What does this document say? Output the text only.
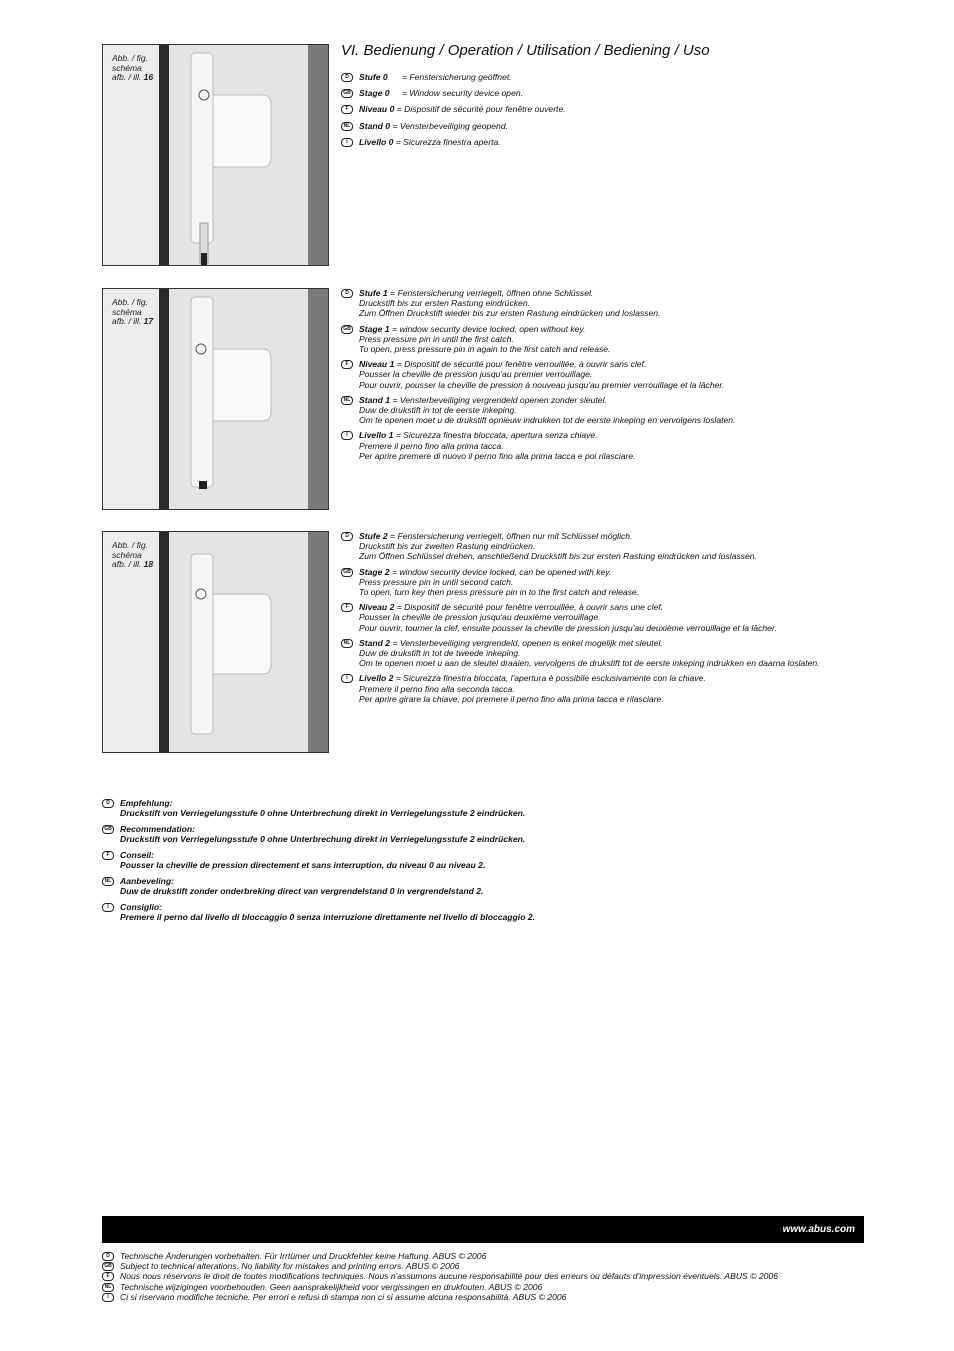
VI. Bedienung / Operation / Utilisation / Bediening / Uso
Abb. / fig.
schéma
afb. / ill. 16
Abb. / fig.
schéma
afb. / ill. 17
Abb. / fig.
schéma
afb. / ill. 18
D	Stufe 0 = Fenstersicherung geöffnet.
GB Stage 0 = Window security device open.
F	Niveau 0 = Dispositif de sécurité pour fenêtre ouverte.
NL	Stand 0 = Vensterbeveiliging geopend.
I	Livello 0 = Sicurezza finestra aperta.
D	Stufe 1 = Fenstersicherung verriegelt, öffnen ohne Schlüssel.
Druckstift bis zur ersten Rastung eindrücken.
Zum Öffnen Druckstift wieder bis zur ersten Rastung eindrücken und loslassen.
GB Stage 1 = window security device locked, open without key.
Press pressure pin in until the first catch.
To open, press pressure pin in again to the first catch and release.
F	Niveau 1 = Dispositif de sécurité pour fenêtre verrouillée, à ouvrir sans clef.
Pousser la cheville de pression jusqu'au premier verrouillage.
Pour ouvrir, pousser la cheville de pression à nouveau jusqu'au premier verrouillage et la lâcher.
NL	Stand 1 = Vensterbeveiliging vergrendeld openen zonder sleutel.
Duw de drukstift in tot de eerste inkeping.
Om te openen moet u de drukstift opnieuw indrukken tot de eerste inkeping en vervolgens loslaten.
I	Livello 1 = Sicurezza finestra bloccata, apertura senza chiave.
Premere il perno fino alla prima tacca.
Per aprire premere di nuovo il perno fino alla prima tacca e poi rilasciare.
D	Stufe 2 = Fenstersicherung verriegelt, öffnen nur mit Schlüssel möglich.
Druckstift bis zur zweiten Rastung eindrücken.
Zum Öffnen Schlüssel drehen, anschließend Druckstift bis zur ersten Rastung eindrücken und loslassen.
GB Stage 2 = window security device locked, can be opened with key.
Press pressure pin in until second catch.
To open, turn key then press pressure pin in to the first catch and release.
F	Niveau 2 = Dispositif de sécurité pour fenêtre verrouillée, à ouvrir sans une clef.
Pousser la cheville de pression jusqu'au deuxième verrouillage.
Pour ouvrir, tourner la clef, ensuite pousser la cheville de pression jusqu'au deuxième verrouillage et la lâcher.
NL	Stand 2 = Vensterbeveiliging vergrendeld, openen is enkel mogelijk met sleutel.
Duw de drukstift in tot de tweede inkeping.
Om te openen moet u aan de sleutel draaien, vervolgens de drukstift tot de eerste inkeping indrukken en daarna loslaten.
I	Livello 2 = Sicurezza finestra bloccata, l'apertura è possibile esclusivamente con la chiave.
Premere il perno fino alla seconda tacca.
Per aprire girare la chiave, poi premere il perno fino alla prima tacca e rilasciare.
D	Empfehlung:
Druckstift von Verriegelungsstufe 0 ohne Unterbrechung direkt in Verriegelungsstufe 2 eindrücken.
GB Recommendation:
Druckstift von Verriegelungsstufe 0 ohne Unterbrechung direkt in Verriegelungsstufe 2 eindrücken.
F	Conseil:
Pousser la cheville de pression directement et sans interruption, du niveau 0 au niveau 2.
NL	Aanbeveling:
Duw de drukstift zonder onderbreking direct van vergrendelstand 0 in vergrendelstand 2.
I	Consiglio:
Premere il perno dal livello di bloccaggio 0 senza interruzione direttamente nel livello di bloccaggio 2.
www.abus.com
D	Technische Änderungen vorbehalten. Für Irrtümer und Druckfehler keine Haftung. ABUS © 2006
GB Subject to technical alterations. No liability for mistakes and printing errors. ABUS © 2006
F	Nous nous réservons le droit de toutes modifications techniques. Nous n'assumons aucune responsabilité pour des erreurs ou défauts d'impression éventuels. ABUS © 2006
NL	Technische wijzigingen voorbehouden. Geen aansprakelijkheid voor vergissingen en drukfouten. ABUS © 2006
I	Ci si riservano modifiche tecniche. Per errori e refusi di stampa non ci si assume alcuna responsabilità. ABUS © 2006
